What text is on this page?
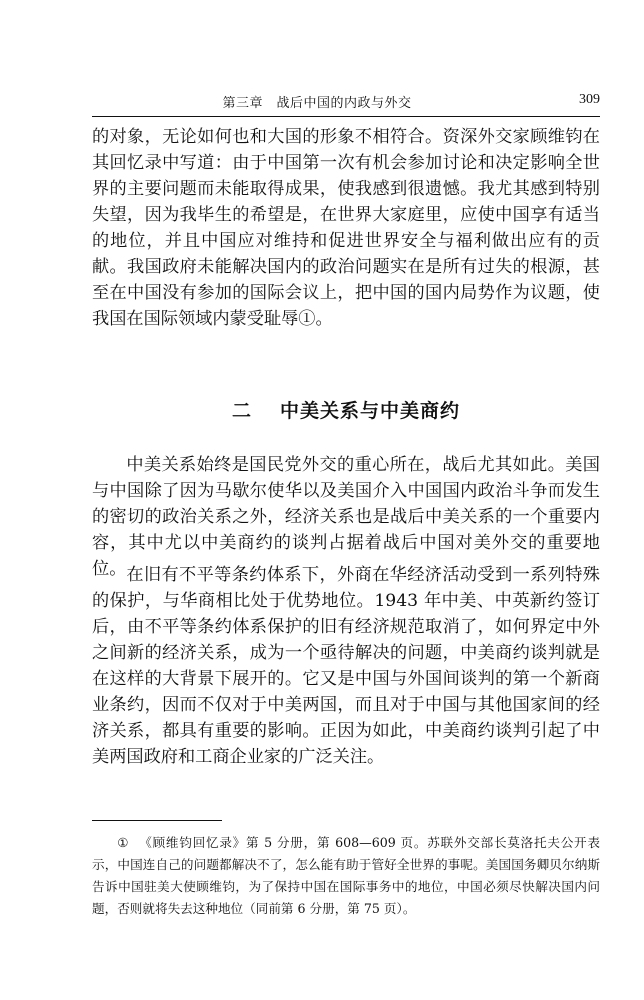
第三章　战后中国的内政与外交	309

的对象，无论如何也和大国的形象不相符合。资深外交家顾维钧在其回忆录中写道：由于中国第一次有机会参加讨论和决定影响全世界的主要问题而未能取得成果，使我感到很遗憾。我尤其感到特别失望，因为我毕生的希望是，在世界大家庭里，应使中国享有适当的地位，并且中国应对维持和促进世界安全与福利做出应有的贡献。我国政府未能解决国内的政治问题实在是所有过失的根源，甚至在中国没有参加的国际会议上，把中国的国内局势作为议题，使我国在国际领域内蒙受耻辱①。

二 中美关系与中美商约

中美关系始终是国民党外交的重心所在，战后尤其如此。美国与中国除了因为马歇尔使华以及美国介入中国国内政治斗争而发生的密切的政治关系之外，经济关系也是战后中美关系的一个重要内容，其中尤以中美商约的谈判占据着战后中国对美外交的重要地位。 在旧有不平等条约体系下，外商在华经济活动受到一系列特殊的保护，与华商相比处于优势地位。1943 年中美、中英新约签订后，由不平等条约体系保护的旧有经济规范取消了，如何界定中外之间新的经济关系，成为一个亟待解决的问题，中美商约谈判就是在这样的大背景下展开的。它又是中国与外国间谈判的第一个新商业条约，因而不仅对于中美两国，而且对于中国与其他国家间的经济关系，都具有重要的影响。正因为如此，中美商约谈判引起了中美两国政府和工商企业家的广泛关注。

① 《顾维钧回忆录》第 5 分册，第 608—609 页。苏联外交部长莫洛托夫公开表示，中国连自己的问题都解决不了，怎么能有助于管好全世界的事呢。美国国务卿贝尔纳斯告诉中国驻美大使顾维钧，为了保持中国在国际事务中的地位，中国必须尽快解决国内问题，否则就将失去这种地位（同前第 6 分册，第 75 页）。
